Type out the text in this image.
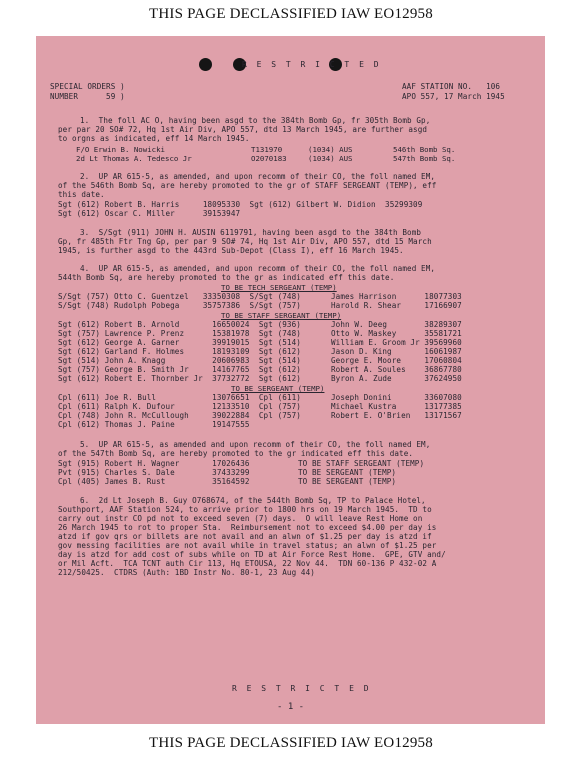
THIS PAGE DECLASSIFIED IAW EO12958
R E S T R I C T E D
SPECIAL ORDERS )
NUMBER      59 )
AAF STATION NO.   106
APO 557, 17 March 1945
1.  The foll AC O, having been asgd to the 384th Bomb Gp, fr 305th Bomb Gp,
per par 20 SO# 72, Hq 1st Air Div, APO 557, dtd 13 March 1945, are further asgd
to orgns as indicated, eff 14 March 1945.
F/O Erwin B. Nowicki	T131970	(1034) AUS	546th Bomb Sq.
2d Lt Thomas A. Tedesco Jr	O2070183	(1034) AUS	547th Bomb Sq.
2.  UP AR 615-5, as amended, and upon recomm of their CO, the foll named EM,
of the 546th Bomb Sq, are hereby promoted to the gr of STAFF SERGEANT (TEMP), eff
this date.
Sgt (612) Robert B. Harris     18095330  Sgt (612) Gilbert W. Didion  35299309
Sgt (612) Oscar C. Miller      39153947
3.  S/Sgt (911) JOHN H. AUSIN 6119791, having been asgd to the 384th Bomb
Gp, fr 485th Ftr Tng Gp, per par 9 SO# 74, Hq 1st Air Div, APO 557, dtd 15 March
1945, is further asgd to the 443rd Sub-Depot (Class I), eff 16 March 1945.
4.  UP AR 615-5, as amended, and upon recomm of their CO, the foll named EM,
544th Bomb Sq, are hereby promoted to the gr as indicated eff this date.
TO BE TECH SERGEANT (TEMP)
S/Sgt (757) Otto C. Guentzel   33350308  S/Sgt (748)	James Harrison      18077303
S/Sgt (748) Rudolph Pobega     35757386  S/Sgt (757)	Harold R. Shear     17166907
TO BE STAFF SERGEANT (TEMP)
Sgt (612) Robert B. Arnold       16650024  Sgt (936)	John W. Deeg        38289307
Sgt (757) Lawrence P. Prenz      15381978  Sgt (748)	Otto W. Maskey      35581721
Sgt (612) George A. Garner       39919015  Sgt (514)	William E. Groom Jr 39569960
Sgt (612) Garland F. Holmes      18193109  Sgt (612)	Jason D. King       16061987
Sgt (514) John A. Knagg          20606983  Sgt (514)	George E. Moore     17060804
Sgt (757) George B. Smith Jr     14167765  Sgt (612)	Robert A. Soules    36867780
Sgt (612) Robert E. Thornber Jr  37732772  Sgt (612)	Byron A. Zude       37624950
TO BE SERGEANT (TEMP)
Cpl (611) Joe R. Bull            13076651  Cpl (611)	Joseph Donini       33607080
Cpl (611) Ralph K. Dufour        12133510  Cpl (757)	Michael Kustra      13177385
Cpl (748) John R. McCullough     39022884  Cpl (757)	Robert E. O'Brien   13171567
Cpl (612) Thomas J. Paine        19147555
5.  UP AR 615-5, as amended and upon recomm of their CO, the foll named EM,
of the 547th Bomb Sq, are hereby promoted to the gr indicated eff this date.
Sgt (915) Robert H. Wagner       17026436	TO BE STAFF SERGEANT (TEMP)
Pvt (915) Charles S. Dale        37433299	TO BE SERGEANT (TEMP)
Cpl (405) James B. Rust          35164592	TO BE SERGEANT (TEMP)
6.  2d Lt Joseph B. Guy O768674, of the 544th Bomb Sq, TP to Palace Hotel,
Southport, AAF Station 524, to arrive prior to 1800 hrs on 19 March 1945.  TD to
carry out instr CO pd not to exceed seven (7) days.  O will leave Rest Home on
26 March 1945 to rot to proper Sta.  Reimbursement not to exceed $4.00 per day is
atzd if gov qrs or billets are not avail and an alwn of $1.25 per day is atzd if
gov messing facilities are not avail while in travel status; an alwn of $1.25 per
day is atzd for add cost of subs while on TD at Air Force Rest Home.  GPE, GTV and/
or Mil Acft.  TCA TCNT auth Cir 113, Hq ETOUSA, 22 Nov 44.  TDN 60-136 P 432-02 A
212/50425.  CTDRS (Auth: 1BD Instr No. 80-1, 23 Aug 44)
R E S T R I C T E D
- 1 -
THIS PAGE DECLASSIFIED IAW EO12958
